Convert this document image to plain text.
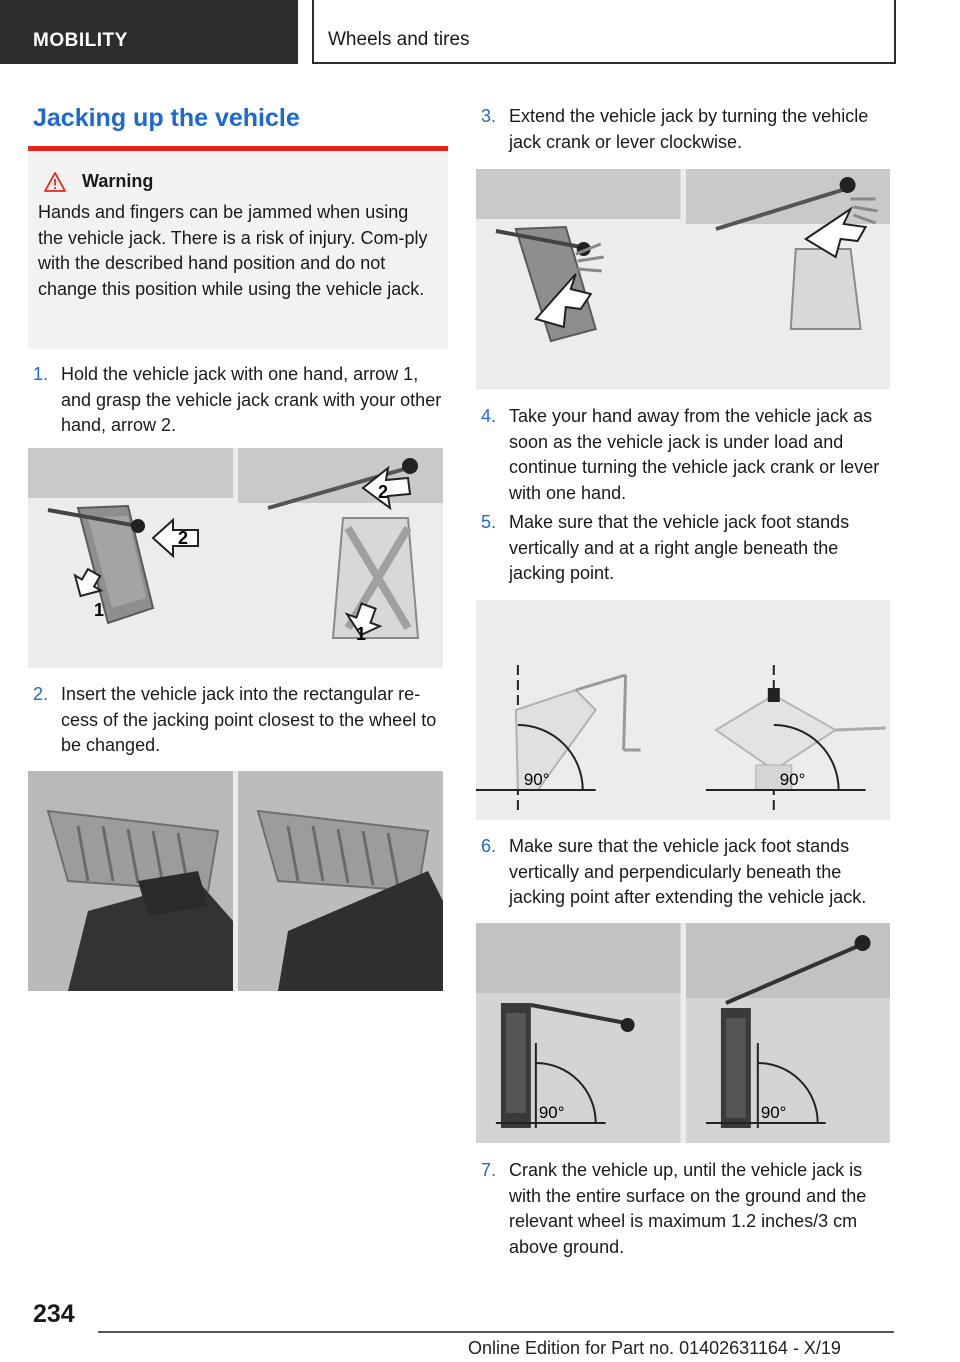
MOBILITY	Wheels and tires
Jacking up the vehicle
Warning
Hands and fingers can be jammed when using the vehicle jack. There is a risk of injury. Com‐ply with the described hand position and do not change this position while using the vehicle jack.
1. Hold the vehicle jack with one hand, arrow 1, and grasp the vehicle jack crank with your other hand, arrow 2.
1
2
2
1
2. Insert the vehicle jack into the rectangular re‐cess of the jacking point closest to the wheel to be changed.
3. Extend the vehicle jack by turning the vehicle jack crank or lever clockwise.
4. Take your hand away from the vehicle jack as soon as the vehicle jack is under load and continue turning the vehicle jack crank or lever with one hand.
5. Make sure that the vehicle jack foot stands vertically and at a right angle beneath the jacking point.
90°	90°
6. Make sure that the vehicle jack foot stands vertically and perpendicularly beneath the jacking point after extending the vehicle jack.
90°	90°
7. Crank the vehicle up, until the vehicle jack is with the entire surface on the ground and the relevant wheel is maximum 1.2 inches/3 cm above ground.
234
Online Edition for Part no. 01402631164 - X/19
